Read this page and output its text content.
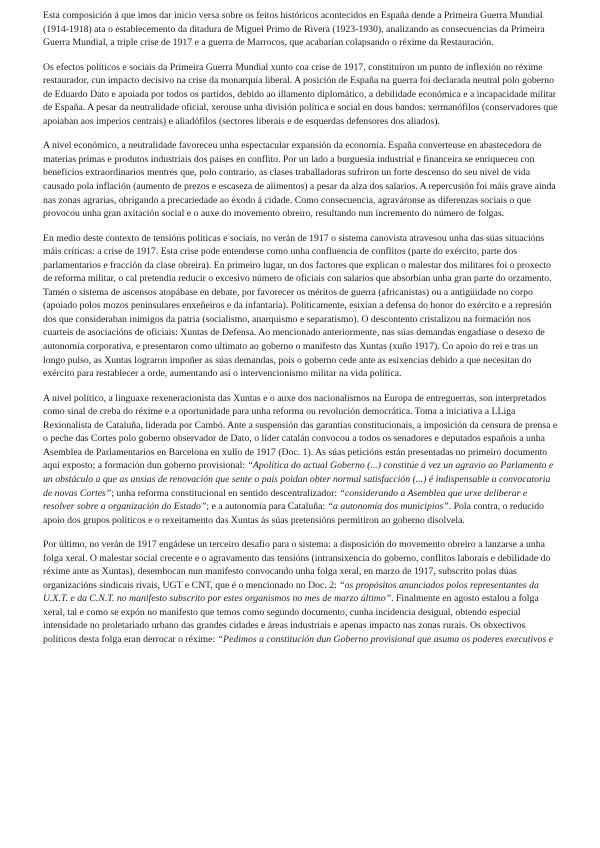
Esta composición á que imos dar inicio versa sobre os feitos históricos acontecidos en España dende a Primeira Guerra Mundial (1914-1918) ata o establecemento da ditadura de Miguel Primo de Rivera (1923-1930), analizando as consecuencias da Primeira Guerra Mundial, a triple crise de 1917 e a guerra de Marrocos, que acabarían colapsando o réxime da Restauración.

Os efectos políticos e sociais da Primeira Guerra Mundial xunto coa crise de 1917, constituíron un punto de inflexión no réxime restaurador, cun impacto decisivo na crise da monarquía liberal. A posición de España na guerra foi declarada neutral polo goberno de Eduardo Dato e apoiada por todos os partidos, debido ao illamento diplomático, a debilidade económica e a incapacidade militar de España. A pesar da neutralidade oficial, xerouse unha división política e social en dous bandos: xermanófilos (conservadores que apoiaban aos imperios centrais) e aliadófilos (sectores liberais e de esquerdas defensores dos aliados).

A nivel económico, a neutralidade favoreceu unha espectacular expansión da economía. España converteuse en abastecedora de materias primas e produtos industriais dos países en conflito. Por un lado a burguesía industrial e financeira se enriqueceu con beneficios extraordinarios mentres que, polo contrario, as clases traballadoras sufriron un forte descenso do seu nivel de vida causado pola inflación (aumento de prezos e escaseza de alimentos) a pesar da alza dos salarios. A repercusión foi máis grave aínda nas zonas agrarias, obrigando a precariedade ao éxodo á cidade. Como consecuencia, agraváronse as diferenzas sociais o que provocou unha gran axitación social e o auxe do movemento obreiro, resultando nun incremento do número de folgas.

En medio deste contexto de tensións políticas e sociais, no verán de 1917 o sistema canovista atravesou unha das súas situacións máis críticas: a crise de 1917. Esta crise pode entenderse como unha confluencia de conflitos (parte do exército, parte dos parlamentarios e fracción da clase obreira). En primeiro lugar, un dos factores que explican o malestar dos militares foi o proxecto de reforma militar, o cal pretendía reducir o excesivo número de oficiais con salarios que absorbían unha gran parte do orzamento. Tamén o sistema de ascensos atopábase en debate, por favorecer os méritos de guerra (africanistas) ou a antigüidade no corpo (apoiado polos mozos peninsulares enxeñeiros e da infantaría). Politicamente, esixían a defensa do honor do exército e a represión dos que consideraban inimigos da patria (socialismo, anarquismo e separatismo). O descontento cristalizou na formación nos cuarteis de asociacións de oficiais: Xuntas de Defensa. Ao mencionado anteriormente, nas súas demandas engadíase o desexo de autonomía corporativa, e presentaron como ultimato ao goberno o manifesto das Xuntas (xuño 1917). Co apoio do rei e tras un longo pulso, as Xuntas lograron impoñer as súas demandas, pois o goberno cede ante as esixencias debido a que necesitan do exército para restablecer a orde, aumentando así o intervencionismo militar na vida política.

A nivel político, a linguaxe rexeneracionista das Xuntas e o auxe dos nacionalismos na Europa de entreguerras, son interpretados como sinal de creba do réxime e a oportunidade para unha reforma ou revolución democrática. Toma a iniciativa a LLiga Rexionalista de Cataluña, liderada por Cambó. Ante a suspensión das garantías constitucionais, a imposición da censura de prensa e o peche das Cortes polo goberno observador de Dato, o líder catalán convocou a todos os senadores e deputados españois a unha Asemblea de Parlamentarios en Barcelona en xullo de 1917 (Doc. 1). As súas peticións están presentadas no primeiro documento aquí exposto; a formación dun goberno provisional: “Apolítica do actual Goberno (...) constitúe á vez un agravio ao Parlamento e un obstáculo a que as ansias de renovación que sente o país poidan obter normal satisfacción (...) é indispensable a convocatoria de novas Cortes”; unha reforma constitucional en sentido descentralizador: “considerando a Asemblea que urxe deliberar e resolver sobre a organización do Estado”; e a autonomía para Cataluña: “a autonomía dos municipios”. Pola contra, o reducido apoio dos grupos políticos e o rexeitamento das Xuntas ás súas pretensións permitiron ao goberno disolvela.

Por último, no verán de 1917 engádese un terceiro desafío para o sistema: a disposición do movemento obreiro a lanzarse a unha folga xeral. O malestar social crecente e o agravamento das tensións (intransixencia do goberno, conflitos laborais e debilidade do réxime ante as Xuntas), desembocan nun manifesto convocando unha folga xeral, en marzo de 1917, subscrito polas dúas organizacións sindicais rivais, UGT e CNT, que é o mencionado no Doc. 2: “os propósitos anunciados polos representantes da U.X.T. e da C.N.T. no manifesto subscrito por estes organismos no mes de marzo último”. Finalmente en agosto estalou a folga xeral, tal e como se expón no manifesto que temos como segundo documento, cunha incidencia desigual, obtendo especial intensidade no proletariado urbano das grandes cidades e áreas industriais e apenas impacto nas zonas rurais. Os obxectivos políticos desta folga eran derrocar o réxime: “Pedimos a constitución dun Goberno provisional que asuma os poderes executivos e
